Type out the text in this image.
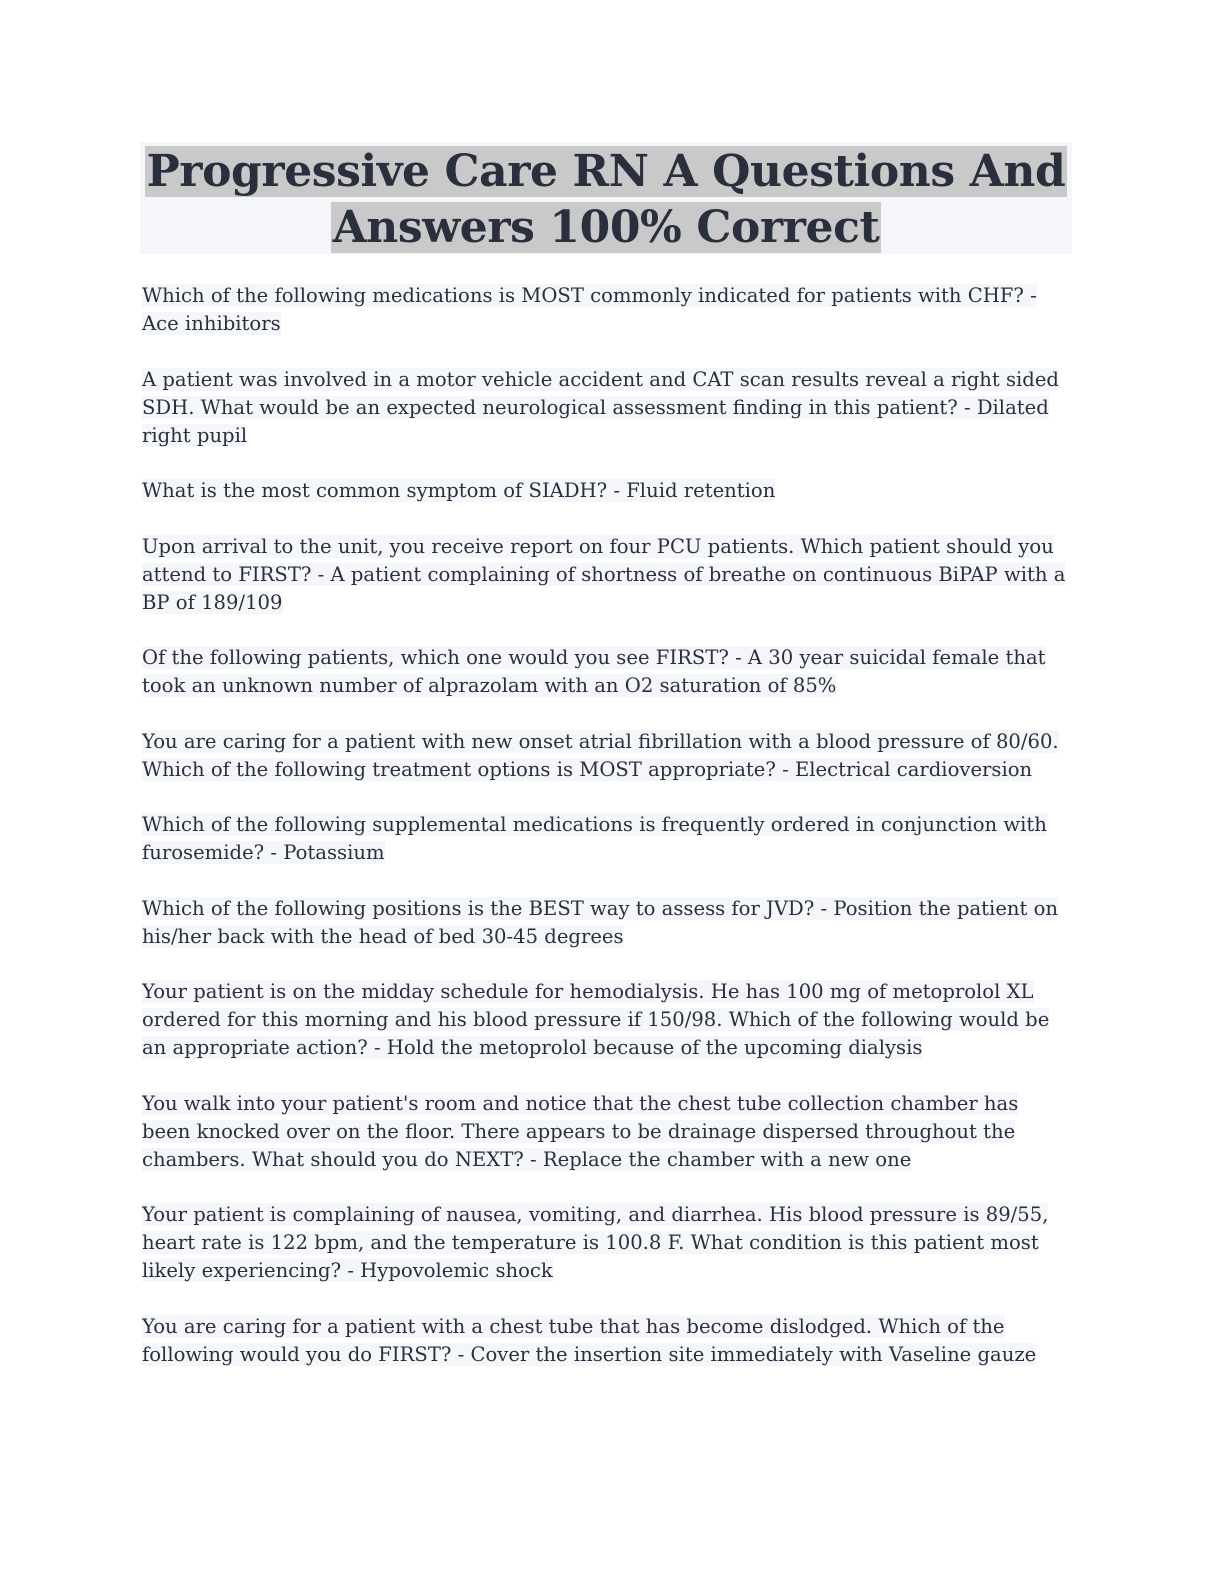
Progressive Care RN A Questions And Answers 100% Correct

Which of the following medications is MOST commonly indicated for patients with CHF? - Ace inhibitors

A patient was involved in a motor vehicle accident and CAT scan results reveal a right sided SDH. What would be an expected neurological assessment finding in this patient? - Dilated right pupil

What is the most common symptom of SIADH? - Fluid retention

Upon arrival to the unit, you receive report on four PCU patients. Which patient should you attend to FIRST? - A patient complaining of shortness of breathe on continuous BiPAP with a BP of 189/109

Of the following patients, which one would you see FIRST? - A 30 year suicidal female that took an unknown number of alprazolam with an O2 saturation of 85%

You are caring for a patient with new onset atrial fibrillation with a blood pressure of 80/60. Which of the following treatment options is MOST appropriate? - Electrical cardioversion

Which of the following supplemental medications is frequently ordered in conjunction with furosemide? - Potassium

Which of the following positions is the BEST way to assess for JVD? - Position the patient on his/her back with the head of bed 30-45 degrees

Your patient is on the midday schedule for hemodialysis. He has 100 mg of metoprolol XL ordered for this morning and his blood pressure if 150/98. Which of the following would be an appropriate action? - Hold the metoprolol because of the upcoming dialysis

You walk into your patient's room and notice that the chest tube collection chamber has been knocked over on the floor. There appears to be drainage dispersed throughout the chambers. What should you do NEXT? - Replace the chamber with a new one

Your patient is complaining of nausea, vomiting, and diarrhea. His blood pressure is 89/55, heart rate is 122 bpm, and the temperature is 100.8 F. What condition is this patient most likely experiencing? - Hypovolemic shock

You are caring for a patient with a chest tube that has become dislodged. Which of the following would you do FIRST? - Cover the insertion site immediately with Vaseline gauze
